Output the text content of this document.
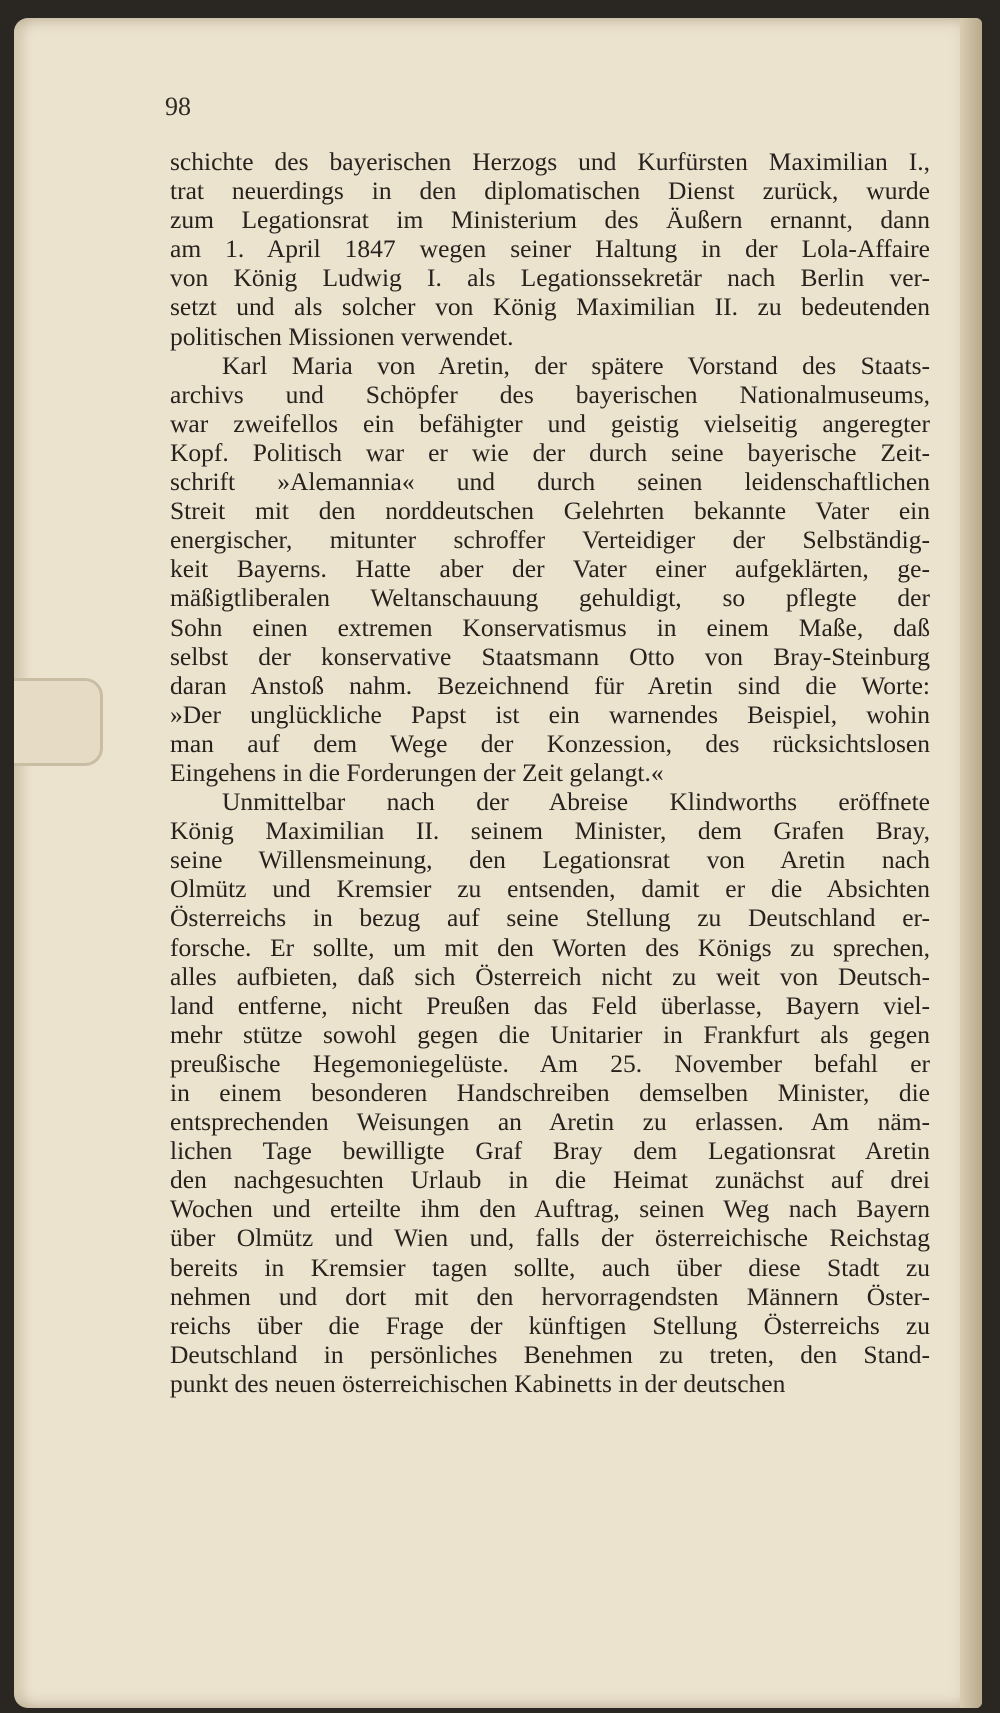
98
schichte des bayerischen Herzogs und Kurfürsten Maximilian I.,
trat neuerdings in den diplomatischen Dienst zurück, wurde
zum Legationsrat im Ministerium des Äußern ernannt, dann
am 1. April 1847 wegen seiner Haltung in der Lola-Affaire
von König Ludwig I. als Legationssekretär nach Berlin ver-
setzt und als solcher von König Maximilian II. zu bedeutenden
politischen Missionen verwendet.
Karl Maria von Aretin, der spätere Vorstand des Staats-
archivs und Schöpfer des bayerischen Nationalmuseums,
war zweifellos ein befähigter und geistig vielseitig angeregter
Kopf. Politisch war er wie der durch seine bayerische Zeit-
schrift »Alemannia« und durch seinen leidenschaftlichen
Streit mit den norddeutschen Gelehrten bekannte Vater ein
energischer, mitunter schroffer Verteidiger der Selbständig-
keit Bayerns. Hatte aber der Vater einer aufgeklärten, ge-
mäßigtliberalen Weltanschauung gehuldigt, so pflegte der
Sohn einen extremen Konservatismus in einem Maße, daß
selbst der konservative Staatsmann Otto von Bray-Steinburg
daran Anstoß nahm. Bezeichnend für Aretin sind die Worte:
»Der unglückliche Papst ist ein warnendes Beispiel, wohin
man auf dem Wege der Konzession, des rücksichtslosen
Eingehens in die Forderungen der Zeit gelangt.«
Unmittelbar nach der Abreise Klindworths eröffnete
König Maximilian II. seinem Minister, dem Grafen Bray,
seine Willensmeinung, den Legationsrat von Aretin nach
Olmütz und Kremsier zu entsenden, damit er die Absichten
Österreichs in bezug auf seine Stellung zu Deutschland er-
forsche. Er sollte, um mit den Worten des Königs zu sprechen,
alles aufbieten, daß sich Österreich nicht zu weit von Deutsch-
land entferne, nicht Preußen das Feld überlasse, Bayern viel-
mehr stütze sowohl gegen die Unitarier in Frankfurt als gegen
preußische Hegemoniegelüste. Am 25. November befahl er
in einem besonderen Handschreiben demselben Minister, die
entsprechenden Weisungen an Aretin zu erlassen. Am näm-
lichen Tage bewilligte Graf Bray dem Legationsrat Aretin
den nachgesuchten Urlaub in die Heimat zunächst auf drei
Wochen und erteilte ihm den Auftrag, seinen Weg nach Bayern
über Olmütz und Wien und, falls der österreichische Reichstag
bereits in Kremsier tagen sollte, auch über diese Stadt zu
nehmen und dort mit den hervorragendsten Männern Öster-
reichs über die Frage der künftigen Stellung Österreichs zu
Deutschland in persönliches Benehmen zu treten, den Stand-
punkt des neuen österreichischen Kabinetts in der deutschen
